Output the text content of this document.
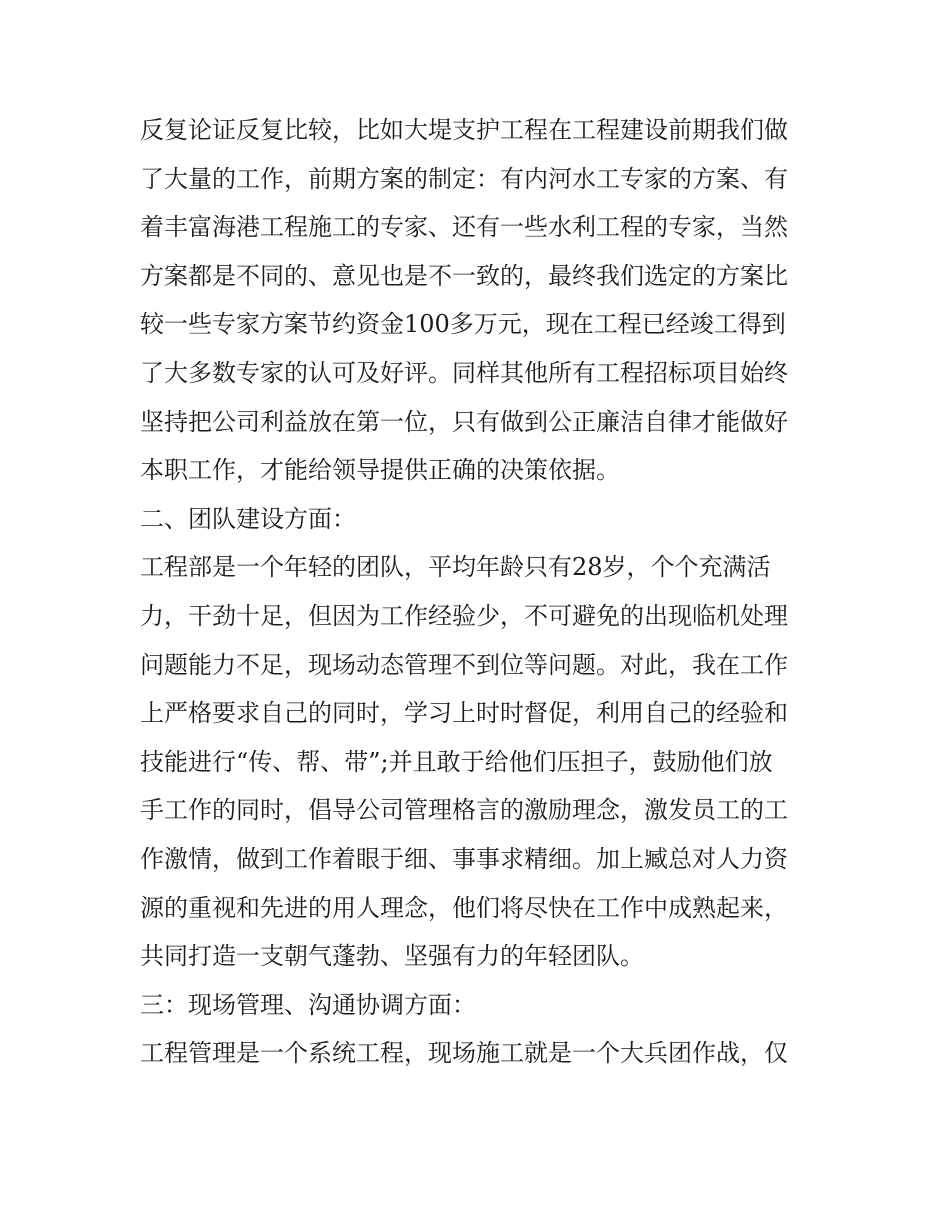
反复论证反复比较，比如大堤支护工程在工程建设前期我们做
了大量的工作，前期方案的制定：有内河水工专家的方案、有
着丰富海港工程施工的专家、还有一些水利工程的专家，当然
方案都是不同的、意见也是不一致的，最终我们选定的方案比
较一些专家方案节约资金100多万元，现在工程已经竣工得到
了大多数专家的认可及好评。同样其他所有工程招标项目始终
坚持把公司利益放在第一位，只有做到公正廉洁自律才能做好
本职工作，才能给领导提供正确的决策依据。
二、团队建设方面：
工程部是一个年轻的团队，平均年龄只有28岁，个个充满活
力，干劲十足，但因为工作经验少，不可避免的出现临机处理
问题能力不足，现场动态管理不到位等问题。对此，我在工作
上严格要求自己的同时，学习上时时督促，利用自己的经验和
技能进行“传、帮、带”;并且敢于给他们压担子，鼓励他们放
手工作的同时，倡导公司管理格言的激励理念，激发员工的工
作激情，做到工作着眼于细、事事求精细。加上臧总对人力资
源的重视和先进的用人理念，他们将尽快在工作中成熟起来，
共同打造一支朝气蓬勃、坚强有力的年轻团队。
三：现场管理、沟通协调方面：
工程管理是一个系统工程，现场施工就是一个大兵团作战，仅
